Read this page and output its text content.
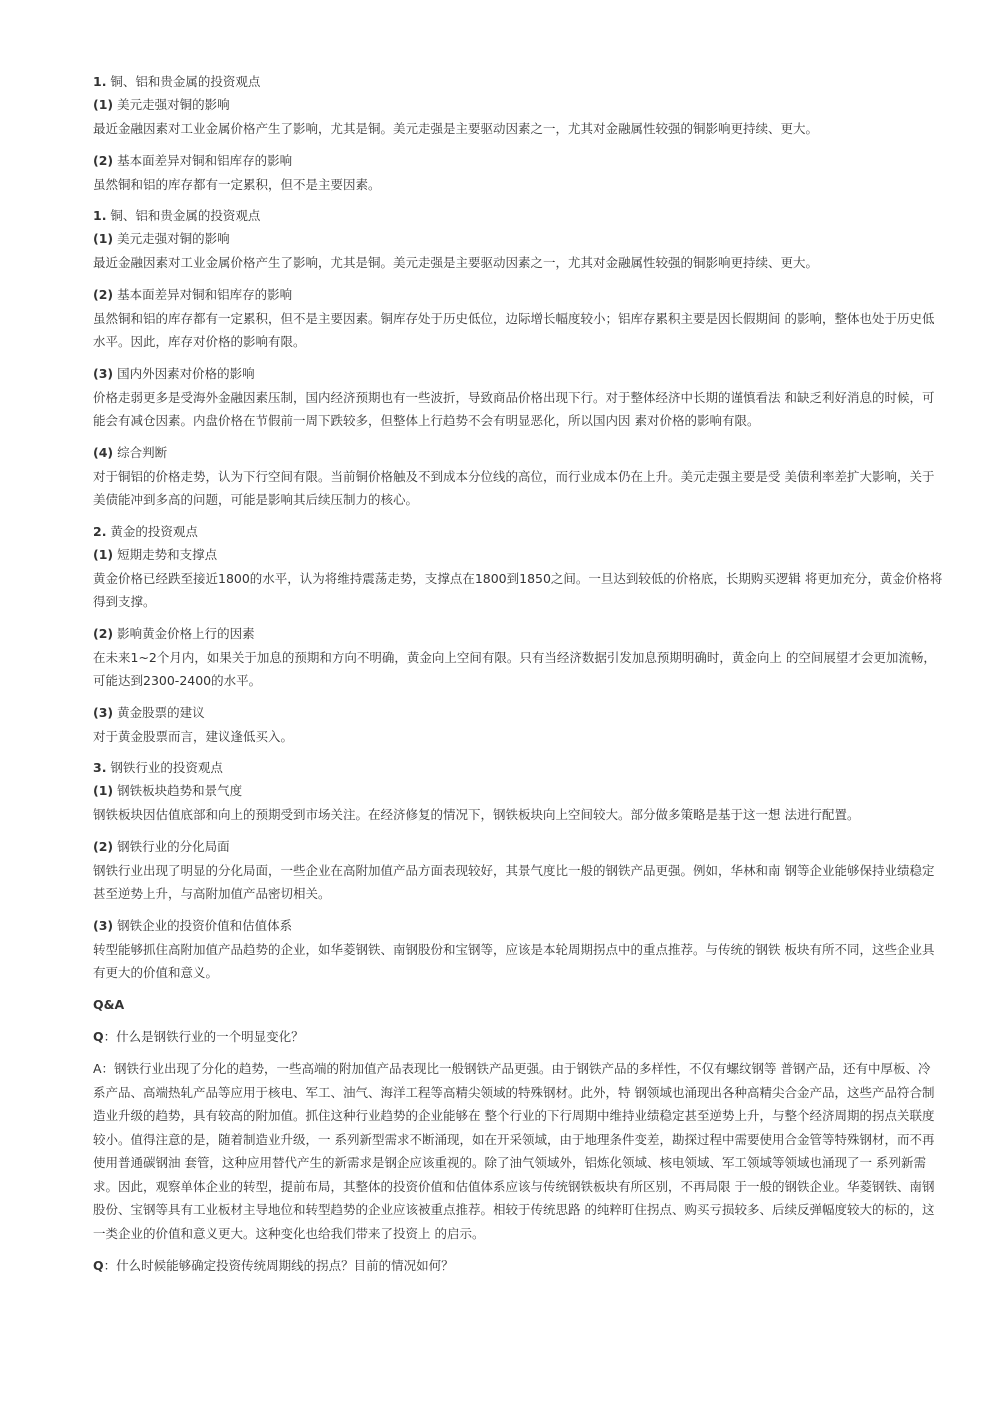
1. 铜、铝和贵金属的投资观点
(1) 美元走强对铜的影响
最近金融因素对工业金属价格产生了影响，尤其是铜。美元走强是主要驱动因素之一，尤其对金融属性较强的铜影响更持续、更大。
(2) 基本面差异对铜和铝库存的影响
虽然铜和铝的库存都有一定累积，但不是主要因素。
1. 铜、铝和贵金属的投资观点
(1) 美元走强对铜的影响
最近金融因素对工业金属价格产生了影响，尤其是铜。美元走强是主要驱动因素之一，尤其对金融属性较强的铜影响更持续、更大。
(2) 基本面差异对铜和铝库存的影响
虽然铜和铝的库存都有一定累积，但不是主要因素。铜库存处于历史低位，边际增长幅度较小；铝库存累积主要是因长假期间 的影响，整体也处于历史低水平。因此，库存对价格的影响有限。
(3) 国内外因素对价格的影响
价格走弱更多是受海外金融因素压制，国内经济预期也有一些波折，导致商品价格出现下行。对于整体经济中长期的谨慎看法 和缺乏利好消息的时候，可能会有减仓因素。内盘价格在节假前一周下跌较多，但整体上行趋势不会有明显恶化，所以国内因 素对价格的影响有限。
(4) 综合判断
对于铜铝的价格走势，认为下行空间有限。当前铜价格触及不到成本分位线的高位，而行业成本仍在上升。美元走强主要是受 美债利率差扩大影响，关于美债能冲到多高的问题，可能是影响其后续压制力的核心。
2. 黄金的投资观点
(1) 短期走势和支撑点
黄金价格已经跌至接近1800的水平，认为将维持震荡走势，支撑点在1800到1850之间。一旦达到较低的价格底，长期购买逻辑 将更加充分，黄金价格将得到支撑。
(2) 影响黄金价格上行的因素
在未来1~2个月内，如果关于加息的预期和方向不明确，黄金向上空间有限。只有当经济数据引发加息预期明确时，黄金向上 的空间展望才会更加流畅，可能达到2300-2400的水平。
(3) 黄金股票的建议
对于黄金股票而言，建议逢低买入。
3. 钢铁行业的投资观点
(1) 钢铁板块趋势和景气度
钢铁板块因估值底部和向上的预期受到市场关注。在经济修复的情况下，钢铁板块向上空间较大。部分做多策略是基于这一想 法进行配置。
(2) 钢铁行业的分化局面
钢铁行业出现了明显的分化局面，一些企业在高附加值产品方面表现较好，其景气度比一般的钢铁产品更强。例如，华林和南 钢等企业能够保持业绩稳定甚至逆势上升，与高附加值产品密切相关。
(3) 钢铁企业的投资价值和估值体系
转型能够抓住高附加值产品趋势的企业，如华菱钢铁、南钢股份和宝钢等，应该是本轮周期拐点中的重点推荐。与传统的钢铁 板块有所不同，这些企业具有更大的价值和意义。
Q&A
Q：什么是钢铁行业的一个明显变化？
A：钢铁行业出现了分化的趋势，一些高端的附加值产品表现比一般钢铁产品更强。由于钢铁产品的多样性，不仅有螺纹钢等 普钢产品，还有中厚板、冷系产品、高端热轧产品等应用于核电、军工、油气、海洋工程等高精尖领域的特殊钢材。此外，特 钢领域也涌现出各种高精尖合金产品，这些产品符合制造业升级的趋势，具有较高的附加值。抓住这种行业趋势的企业能够在 整个行业的下行周期中维持业绩稳定甚至逆势上升，与整个经济周期的拐点关联度较小。值得注意的是，随着制造业升级，一 系列新型需求不断涌现，如在开采领域，由于地理条件变差，勘探过程中需要使用合金管等特殊钢材，而不再使用普通碳钢油 套管，这种应用替代产生的新需求是钢企应该重视的。除了油气领域外，铝炼化领域、核电领域、军工领域等领域也涌现了一 系列新需求。因此，观察单体企业的转型，提前布局，其整体的投资价值和估值体系应该与传统钢铁板块有所区别，不再局限 于一般的钢铁企业。华菱钢铁、南钢股份、宝钢等具有工业板材主导地位和转型趋势的企业应该被重点推荐。相较于传统思路 的纯粹盯住拐点、购买亏损较多、后续反弹幅度较大的标的，这一类企业的价值和意义更大。这种变化也给我们带来了投资上 的启示。
Q：什么时候能够确定投资传统周期线的拐点？目前的情况如何？
